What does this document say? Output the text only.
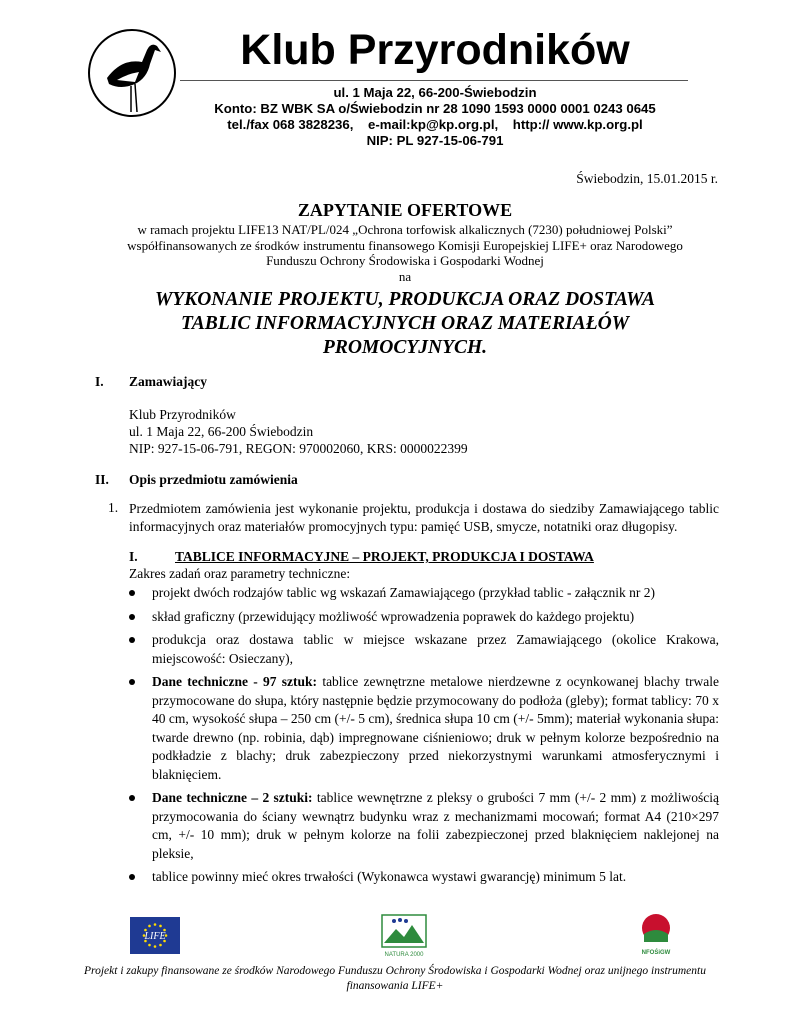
Klub Przyrodników
ul. 1 Maja 22, 66-200-Świebodzin
Konto: BZ WBK SA o/Świebodzin nr 28 1090 1593 0000 0001 0243 0645
tel./fax 068 3828236,    e-mail:kp@kp.org.pl,    http:// www.kp.org.pl
NIP: PL 927-15-06-791
Świebodzin, 15.01.2015 r.
ZAPYTANIE OFERTOWE
w ramach projektu LIFE13 NAT/PL/024 „Ochrona torfowisk alkalicznych (7230) południowej Polski”
współfinansowanych ze środków instrumentu finansowego Komisji Europejskiej LIFE+ oraz Narodowego
Funduszu Ochrony Środowiska i Gospodarki Wodnej
na
WYKONANIE PROJEKTU, PRODUKCJA ORAZ DOSTAWA
TABLIC INFORMACYJNYCH ORAZ MATERIAŁÓW
PROMOCYJNYCH.
I. Zamawiający
Klub Przyrodników
ul. 1 Maja 22, 66-200 Świebodzin
NIP: 927-15-06-791, REGON: 970002060, KRS: 0000022399
II. Opis przedmiotu zamówienia
1. Przedmiotem zamówienia jest wykonanie projektu, produkcja i dostawa do siedziby Zamawiającego tablic informacyjnych oraz materiałów promocyjnych typu: pamięć USB, smycze, notatniki oraz długopisy.
I.	TABLICE INFORMACYJNE – PROJEKT, PRODUKCJA I DOSTAWA
Zakres zadań oraz parametry techniczne:
projekt dwóch rodzajów tablic wg wskazań Zamawiającego (przykład tablic - załącznik nr 2)
skład graficzny (przewidujący możliwość wprowadzenia poprawek do każdego projektu)
produkcja oraz dostawa tablic w miejsce wskazane przez Zamawiającego (okolice Krakowa, miejscowość: Osieczany),
Dane techniczne - 97 sztuk: tablice zewnętrzne metalowe nierdzewne z ocynkowanej blachy trwale przymocowane do słupa, który następnie będzie przymocowany do podłoża (gleby); format tablicy: 70 x 40 cm, wysokość słupa – 250 cm (+/- 5 cm), średnica słupa 10 cm (+/- 5mm); materiał wykonania słupa: twarde drewno (np. robinia, dąb) impregnowane ciśnieniowo; druk w pełnym kolorze bezpośrednio na podkładzie z blachy; druk zabezpieczony przed niekorzystnymi warunkami atmosferycznymi i blaknięciem.
Dane techniczne – 2 sztuki: tablice wewnętrzne z pleksy o grubości 7 mm (+/- 2 mm) z możliwością przymocowania do ściany wewnątrz budynku wraz z mechanizmami mocowań; format A4 (210×297 cm, +/- 10 mm); druk w pełnym kolorze na folii zabezpieczonej przed blaknięciem naklejonej na pleksie,
tablice powinny mieć okres trwałości (Wykonawca wystawi gwarancję) minimum 5 lat.
LIFE
NATURA 2000	NFOŚiGW
Projekt i zakupy finansowane ze środków Narodowego Funduszu Ochrony Środowiska i Gospodarki Wodnej oraz unijnego instrumentu
finansowania LIFE+
